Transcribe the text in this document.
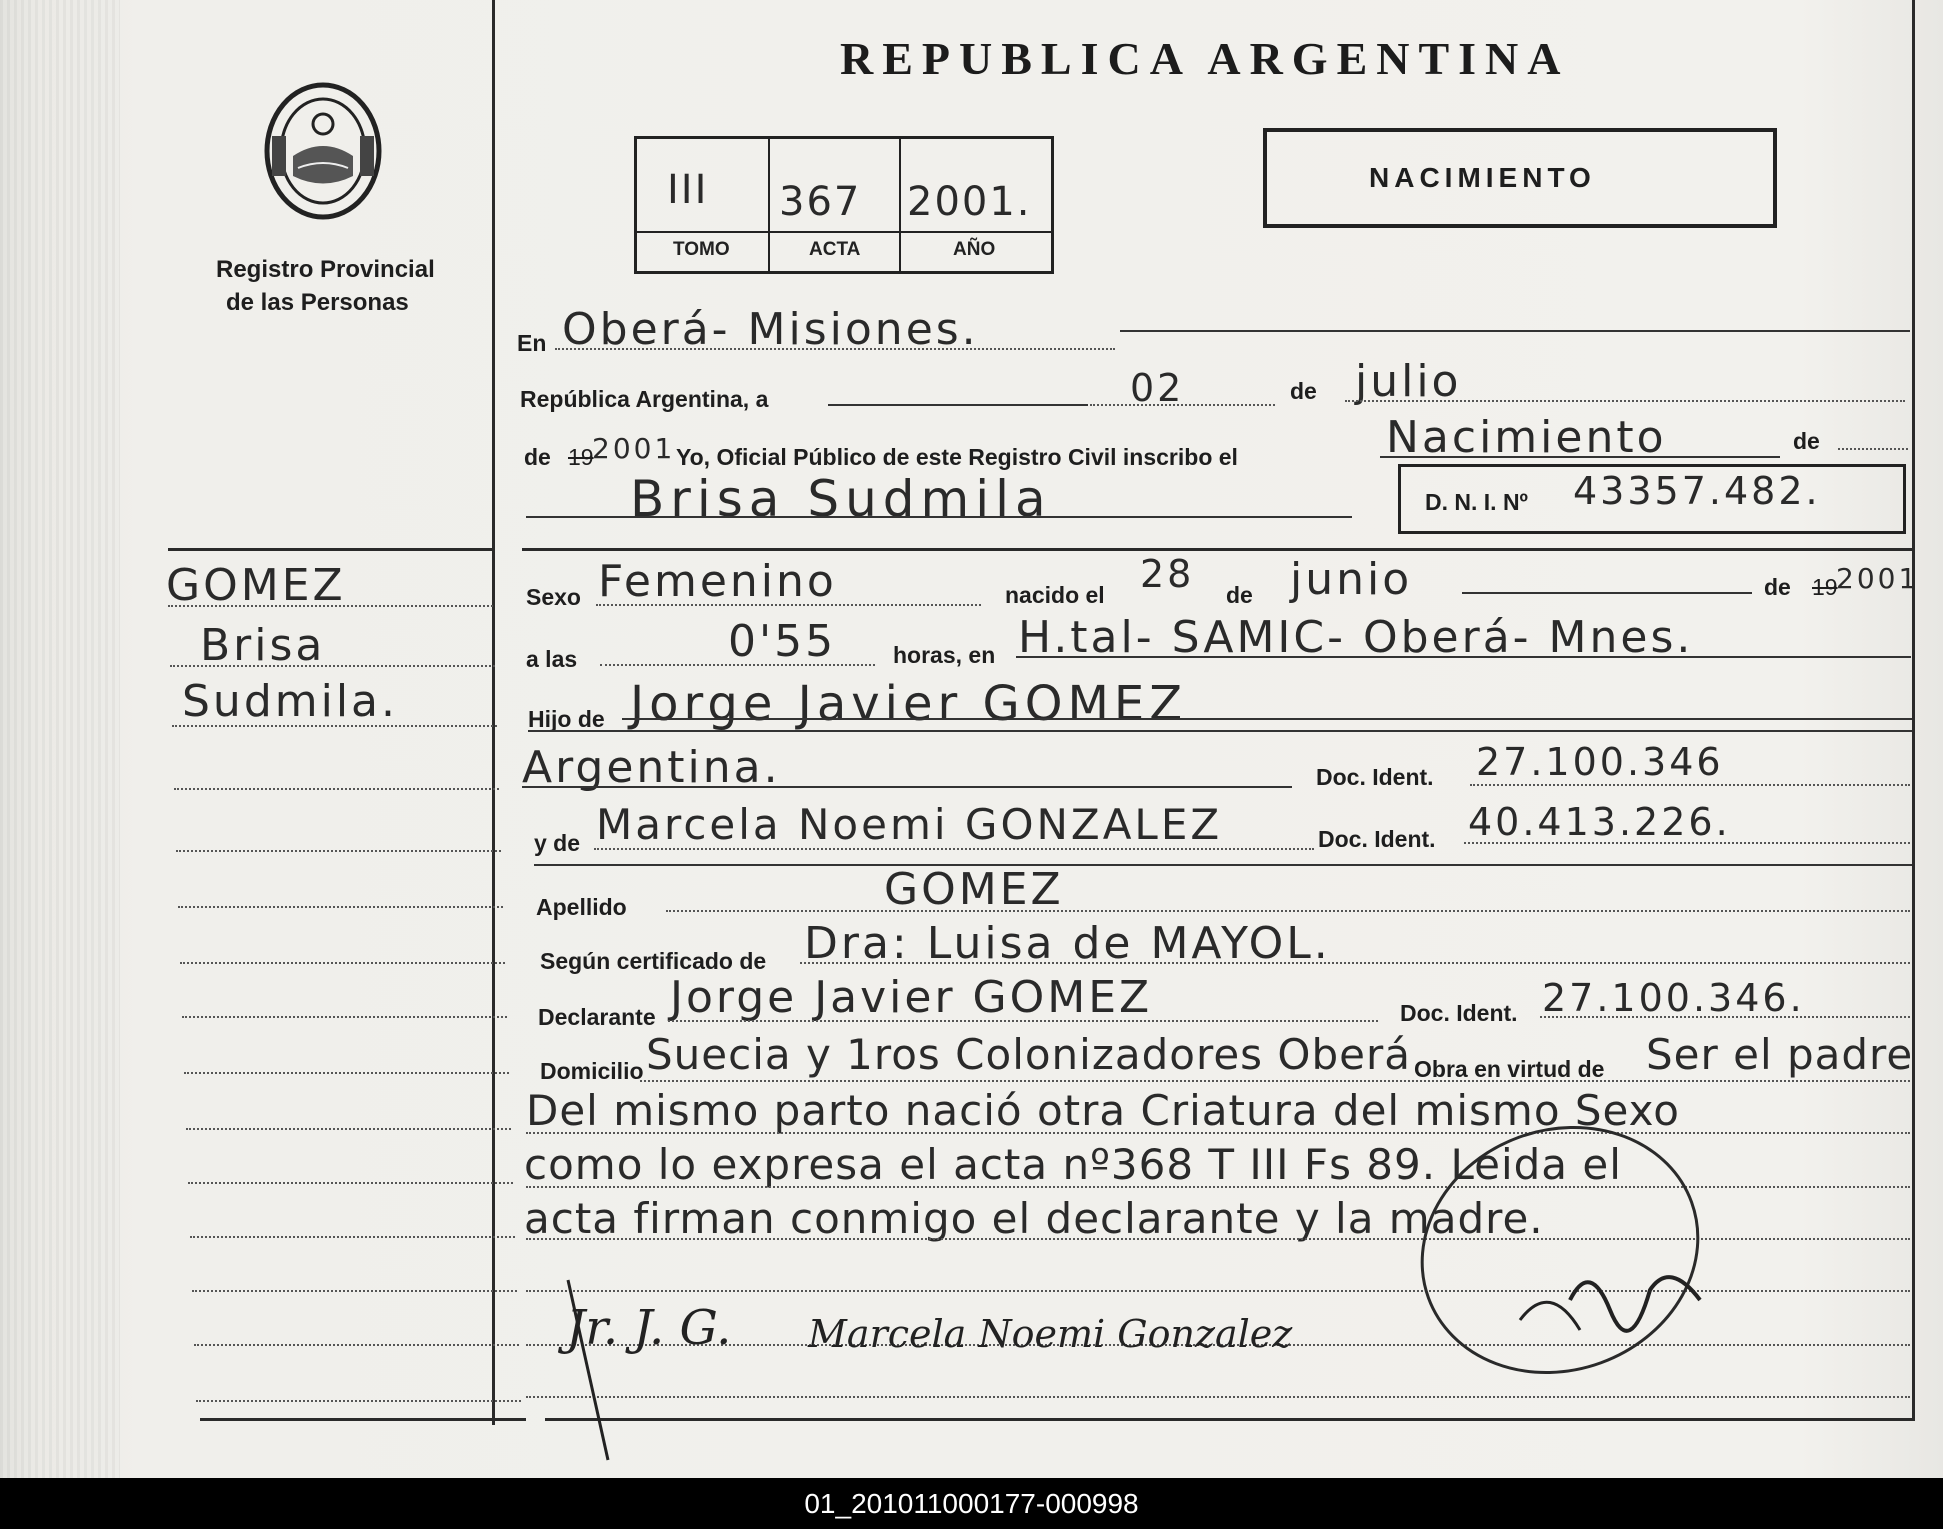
Registro Provincial
de las Personas
REPUBLICA ARGENTINA
III 367 2001.
TOMO	ACTA	AÑO
NACIMIENTO
GOMEZ
Brisa
Sudmila.
En Oberá- Misiones.
República Argentina, a	02	de julio
de 19
2001 Yo, Oficial Público de este Registro Civil inscribo el	Nacimiento	de
Brisa Sudmila	D. N. I. Nº 43357.482.
Sexo Femenino	nacido el 28 de junio	de 19
2001
a las	0'55 horas, en H.tal- SAMIC- Oberá- Mnes.
Hijo de Jorge Javier GOMEZ
Argentina.	Doc. Ident. 27.100.346
y de Marcela Noemi GONZALEZ	Doc. Ident. 40.413.226.
Apellido	GOMEZ
Según certificado de Dra: Luisa de MAYOL.
Declarante Jorge Javier GOMEZ	Doc. Ident. 27.100.346.
Domicilio Suecia y 1ros Colonizadores Oberá Obra en virtud de Ser el padre
Del mismo parto nació otra Criatura del mismo Sexo
como lo expresa el acta nº368 T III Fs 89. Leida el
acta firman conmigo el declarante y la madre.
Jr. J. G. Marcela Noemi Gonzalez
01_201011000177-000998
